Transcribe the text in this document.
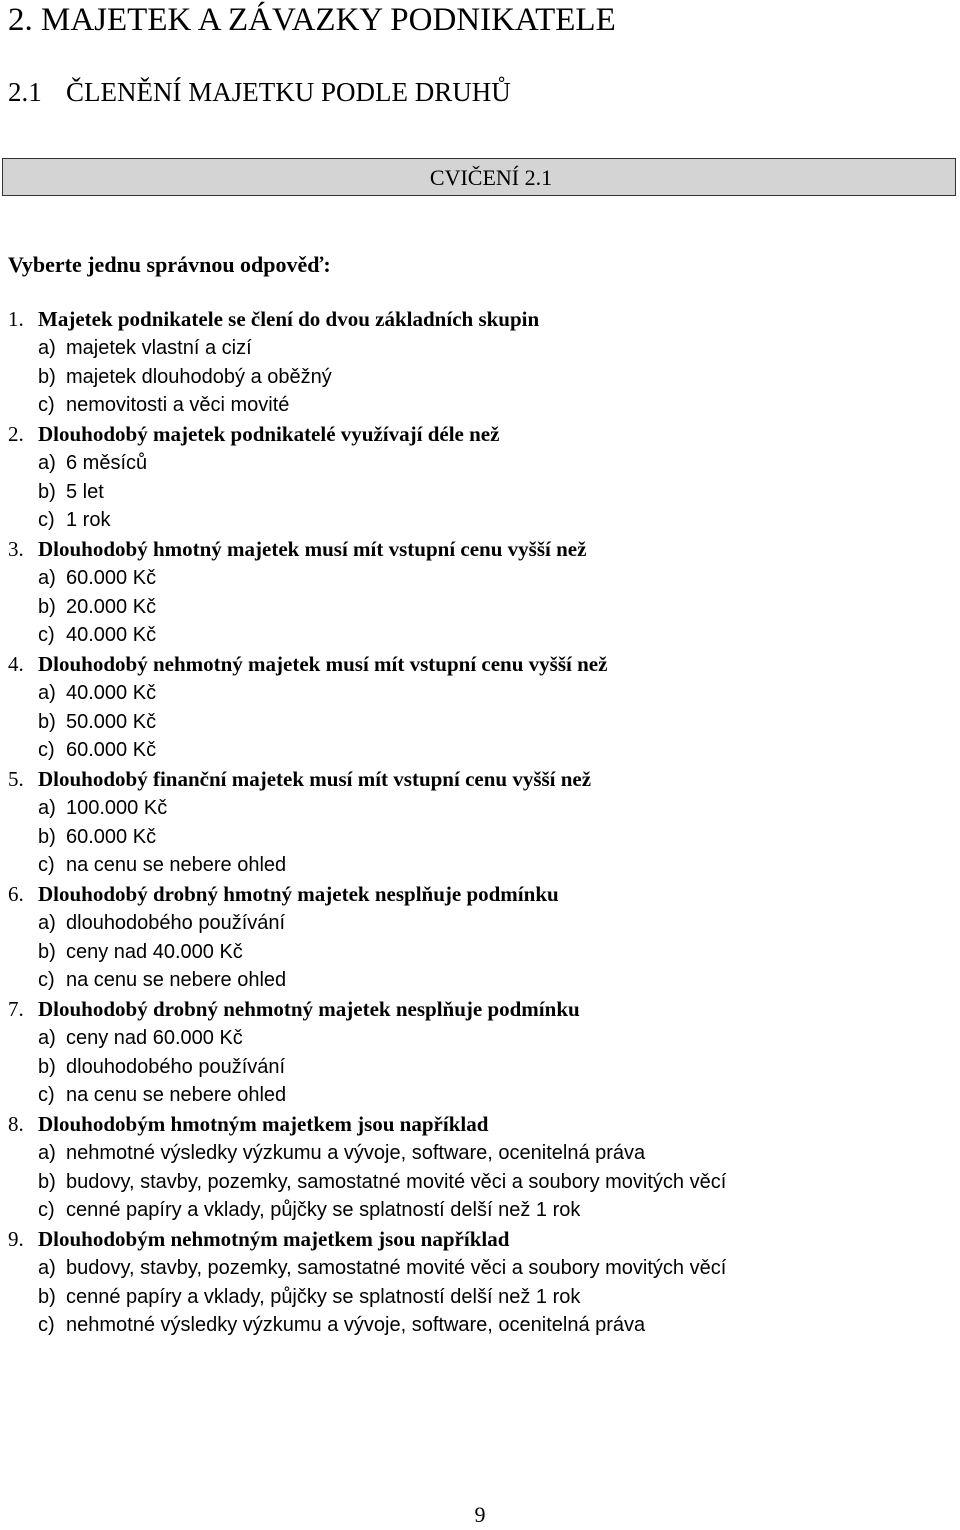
2. MAJETEK A ZÁVAZKY PODNIKATELE
2.1 ČLENĚNÍ MAJETKU PODLE DRUHŮ
CVIČENÍ 2.1
Vyberte jednu správnou odpověď:
1. Majetek podnikatele se člení do dvou základních skupin
a) majetek vlastní a cizí
b) majetek dlouhodobý a oběžný
c) nemovitosti a věci movité
2. Dlouhodobý majetek podnikatelé využívají déle než
a) 6 měsíců
b) 5 let
c) 1 rok
3. Dlouhodobý hmotný majetek musí mít vstupní cenu vyšší než
a) 60.000 Kč
b) 20.000 Kč
c) 40.000 Kč
4. Dlouhodobý nehmotný majetek musí mít vstupní cenu vyšší než
a) 40.000 Kč
b) 50.000 Kč
c) 60.000 Kč
5. Dlouhodobý finanční majetek musí mít vstupní cenu vyšší než
a) 100.000 Kč
b) 60.000 Kč
c) na cenu se nebere ohled
6. Dlouhodobý drobný hmotný majetek nesplňuje podmínku
a) dlouhodobého používání
b) ceny nad 40.000 Kč
c) na cenu se nebere ohled
7. Dlouhodobý drobný nehmotný majetek nesplňuje podmínku
a) ceny nad 60.000 Kč
b) dlouhodobého používání
c) na cenu se nebere ohled
8. Dlouhodobým hmotným majetkem jsou například
a) nehmotné výsledky výzkumu a vývoje, software, ocenitelná práva
b) budovy, stavby, pozemky, samostatné movité věci a soubory movitých věcí
c) cenné papíry a vklady, půjčky se splatností delší než 1 rok
9. Dlouhodobým nehmotným majetkem jsou například
a) budovy, stavby, pozemky, samostatné movité věci a soubory movitých věcí
b) cenné papíry a vklady, půjčky se splatností delší než 1 rok
c) nehmotné výsledky výzkumu a vývoje, software, ocenitelná práva
9
